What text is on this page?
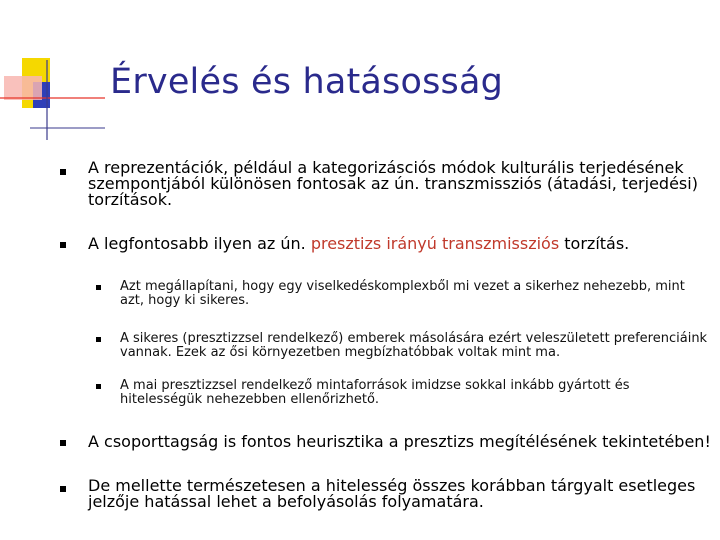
Érvelés és hatásosság
A reprezentációk, például a kategorizásciós módok kulturális terjedésének szempontjából különösen fontosak az ún. transzmissziós (átadási, terjedési) torzítások.
A legfontosabb ilyen az ún. presztizs irányú transzmissziós torzítás.
Azt megállapítani, hogy egy viselkedéskomplexből mi vezet a sikerhez nehezebb, mint azt, hogy ki sikeres.
A sikeres (presztizzsel rendelkező) emberek másolására ezért veleszületett preferenciáink vannak. Ezek az ősi környezetben megbízhatóbbak voltak mint ma.
A mai presztizzsel rendelkező mintaforrások imidzse sokkal inkább gyártott és hitelességük nehezebben ellenőrizhető.
A csoporttagság is fontos heurisztika a presztizs megítélésének tekintetében!
De mellette természetesen a hitelesség összes korábban tárgyalt esetleges jelzője hatással lehet a befolyásolás folyamatára.
